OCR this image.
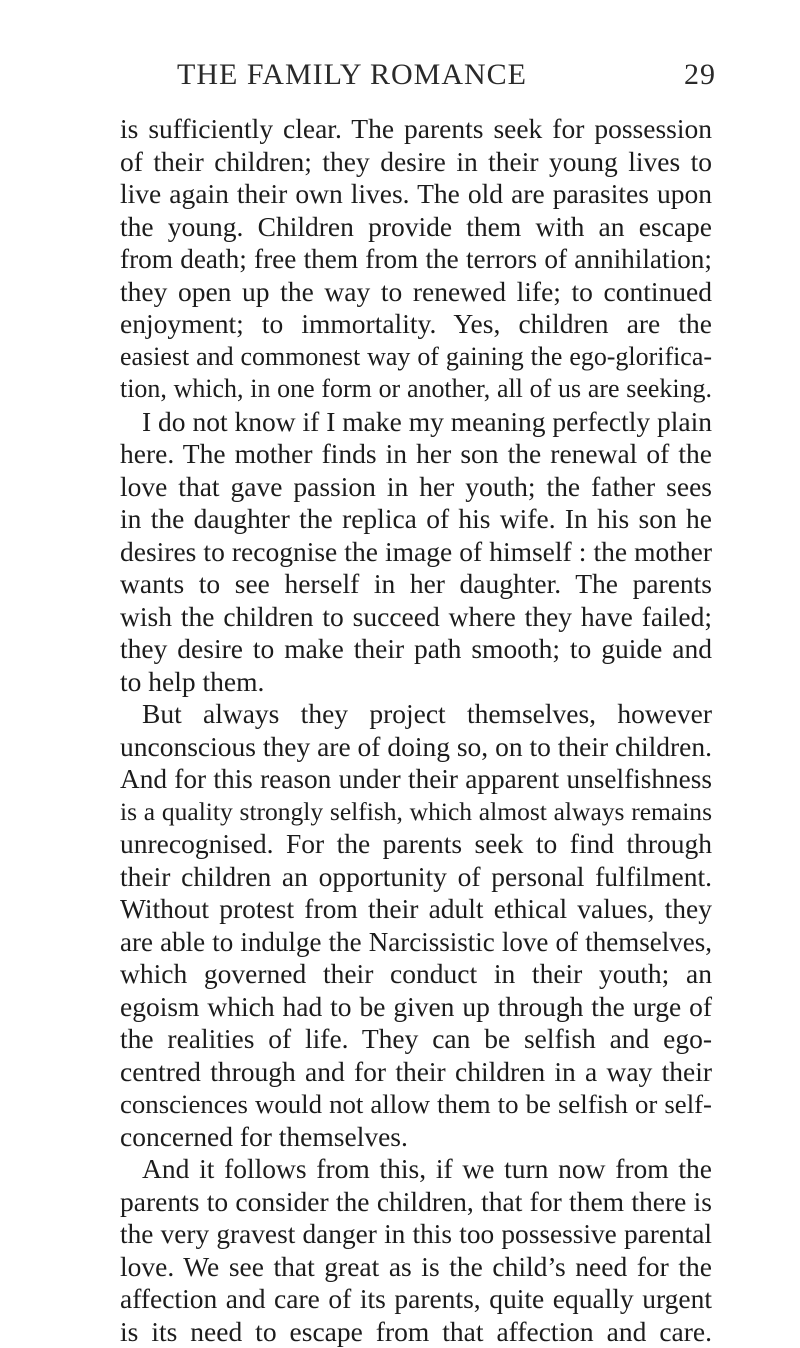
THE FAMILY ROMANCE	29
is sufficiently clear. The parents seek for possession
of their children; they desire in their young lives to
live again their own lives. The old are parasites upon
the young. Children provide them with an escape
from death; free them from the terrors of annihilation;
they open up the way to renewed life; to continued
enjoyment; to immortality. Yes, children are the
easiest and commonest way of gaining the ego-glorifica-
tion, which, in one form or another, all of us are seeking.
I do not know if I make my meaning perfectly plain
here. The mother finds in her son the renewal of the
love that gave passion in her youth; the father sees
in the daughter the replica of his wife. In his son he
desires to recognise the image of himself : the mother
wants to see herself in her daughter. The parents
wish the children to succeed where they have failed;
they desire to make their path smooth; to guide and
to help them.
But always they project themselves, however
unconscious they are of doing so, on to their children.
And for this reason under their apparent unselfishness
is a quality strongly selfish, which almost always remains
unrecognised. For the parents seek to find through
their children an opportunity of personal fulfilment.
Without protest from their adult ethical values, they
are able to indulge the Narcissistic love of themselves,
which governed their conduct in their youth; an
egoism which had to be given up through the urge of
the realities of life. They can be selfish and ego-
centred through and for their children in a way their
consciences would not allow them to be selfish or self-
concerned for themselves.
And it follows from this, if we turn now from the
parents to consider the children, that for them there is
the very gravest danger in this too possessive parental
love. We see that great as is the child’s need for the
affection and care of its parents, quite equally urgent
is its need to escape from that affection and care.
